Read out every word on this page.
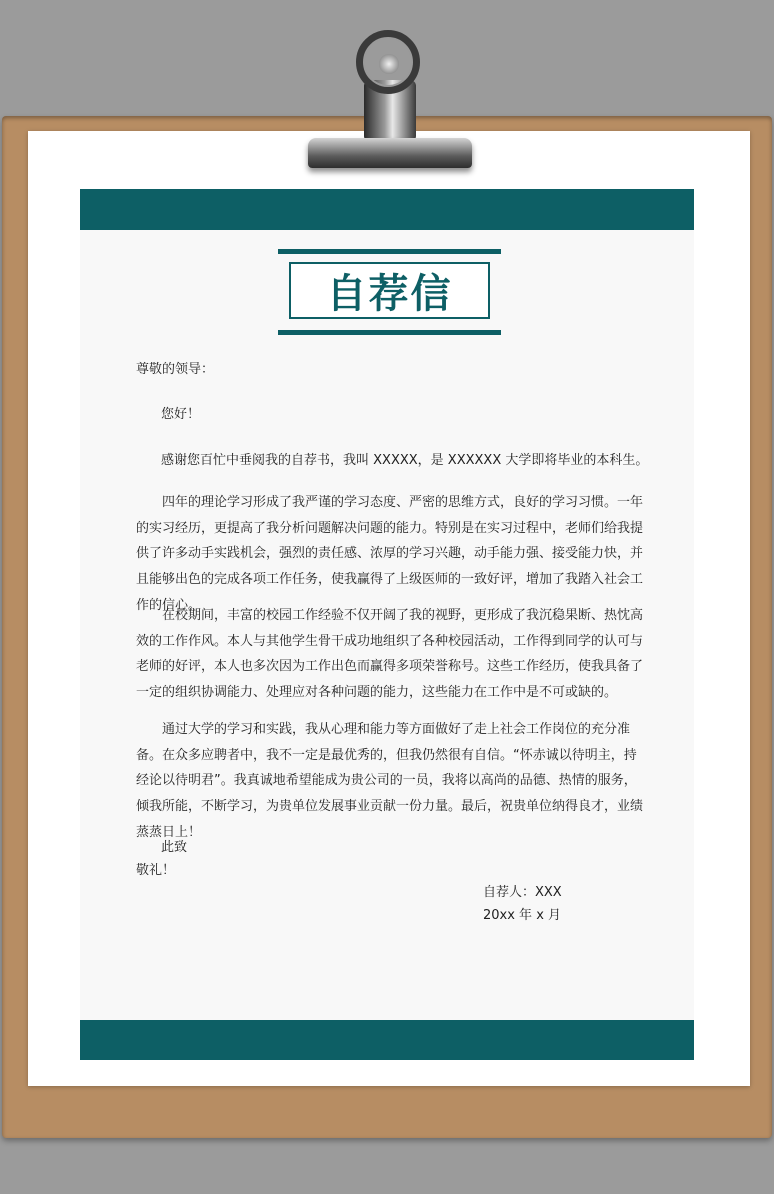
自荐信
尊敬的领导：
您好！
感谢您百忙中垂阅我的自荐书，我叫 XXXXX，是 XXXXXX 大学即将毕业的本科生。

四年的理论学习形成了我严谨的学习态度、严密的思维方式，良好的学习习惯。一年的实习经历，更提高了我分析问题解决问题的能力。特别是在实习过程中，老师们给我提供了许多动手实践机会，强烈的责任感、浓厚的学习兴趣，动手能力强、接受能力快，并且能够出色的完成各项工作任务，使我赢得了上级医师的一致好评，增加了我踏入社会工作的信心。

在校期间，丰富的校园工作经验不仅开阔了我的视野，更形成了我沉稳果断、热忱高效的工作作风。本人与其他学生骨干成功地组织了各种校园活动，工作得到同学的认可与老师的好评，本人也多次因为工作出色而赢得多项荣誉称号。这些工作经历，使我具备了一定的组织协调能力、处理应对各种问题的能力，这些能力在工作中是不可或缺的。

通过大学的学习和实践，我从心理和能力等方面做好了走上社会工作岗位的充分准备。在众多应聘者中，我不一定是最优秀的，但我仍然很有自信。“怀赤诚以待明主，持经论以待明君”。我真诚地希望能成为贵公司的一员，我将以高尚的品德、热情的服务，倾我所能，不断学习，为贵单位发展事业贡献一份力量。最后，祝贵单位纳得良才，业绩蒸蒸日上！

此致
敬礼！
自荐人：XXX
20xx 年 x 月
